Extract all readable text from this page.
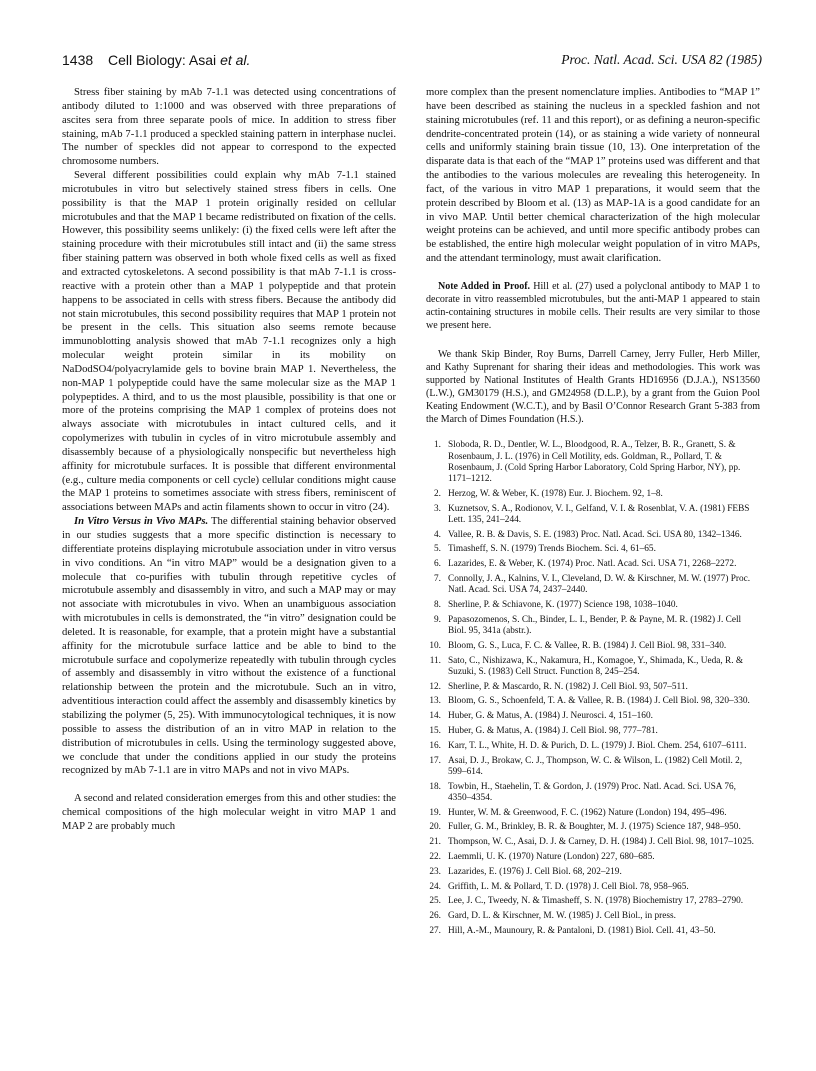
1438 Cell Biology: Asai et al.	Proc. Natl. Acad. Sci. USA 82 (1985)

Stress fiber staining by mAb 7-1.1 was detected using concentrations of antibody diluted to 1:1000 and was observed with three preparations of ascites sera from three separate pools of mice. In addition to stress fiber staining, mAb 7-1.1 produced a speckled staining pattern in interphase nuclei. The number of speckles did not appear to correspond to the expected chromosome numbers.

Several different possibilities could explain why mAb 7-1.1 stained microtubules in vitro but selectively stained stress fibers in cells. One possibility is that the MAP 1 protein originally resided on cellular microtubules and that the MAP 1 became redistributed on fixation of the cells. However, this possibility seems unlikely: (i) the fixed cells were left after the staining procedure with their microtubules still intact and (ii) the same stress fiber staining pattern was observed in both whole fixed cells as well as fixed and extracted cytoskeletons. A second possibility is that mAb 7-1.1 is cross-reactive with a protein other than a MAP 1 polypeptide and that protein happens to be associated in cells with stress fibers. Because the antibody did not stain microtubules, this second possibility requires that MAP 1 protein not be present in the cells. This situation also seems remote because immunoblotting analysis showed that mAb 7-1.1 recognizes only a high molecular weight protein similar in its mobility on NaDodSO4/polyacrylamide gels to bovine brain MAP 1. Nevertheless, the non-MAP 1 polypeptide could have the same molecular size as the MAP 1 polypeptides. A third, and to us the most plausible, possibility is that one or more of the proteins comprising the MAP 1 complex of proteins does not always associate with microtubules in intact cultured cells, and it copolymerizes with tubulin in cycles of in vitro microtubule assembly and disassembly because of a physiologically nonspecific but nevertheless high affinity for microtubule surfaces. It is possible that different environmental (e.g., culture media components or cell cycle) cellular conditions might cause the MAP 1 proteins to sometimes associate with stress fibers, reminiscent of associations between MAPs and actin filaments shown to occur in vitro (24).

In Vitro Versus in Vivo MAPs. The differential staining behavior observed in our studies suggests that a more specific distinction is necessary to differentiate proteins displaying microtubule association under in vitro versus in vivo conditions. An “in vitro MAP” would be a designation given to a molecule that co-purifies with tubulin through repetitive cycles of microtubule assembly and disassembly in vitro, and such a MAP may or may not associate with microtubules in vivo. When an unambiguous association with microtubules in cells is demonstrated, the “in vitro” designation could be deleted. It is reasonable, for example, that a protein might have a substantial affinity for the microtubule surface lattice and be able to bind to the microtubule surface and copolymerize repeatedly with tubulin through cycles of assembly and disassembly in vitro without the existence of a functional relationship between the protein and the microtubule. Such an in vitro, adventitious interaction could affect the assembly and disassembly kinetics by stabilizing the polymer (5, 25). With immunocytological techniques, it is now possible to assess the distribution of an in vitro MAP in relation to the distribution of microtubules in cells. Using the terminology suggested above, we conclude that under the conditions applied in our study the proteins recognized by mAb 7-1.1 are in vitro MAPs and not in vivo MAPs.

A second and related consideration emerges from this and other studies: the chemical compositions of the high molecular weight in vitro MAP 1 and MAP 2 are probably much

more complex than the present nomenclature implies. Antibodies to “MAP 1” have been described as staining the nucleus in a speckled fashion and not staining microtubules (ref. 11 and this report), or as defining a neuron-specific dendrite-concentrated protein (14), or as staining a wide variety of nonneural cells and uniformly staining brain tissue (10, 13). One interpretation of the disparate data is that each of the “MAP 1” proteins used was different and that the antibodies to the various molecules are revealing this heterogeneity. In fact, of the various in vitro MAP 1 preparations, it would seem that the protein described by Bloom et al. (13) as MAP-1A is a good candidate for an in vivo MAP. Until better chemical characterization of the high molecular weight proteins can be achieved, and until more specific antibody probes can be established, the entire high molecular weight population of in vitro MAPs, and the attendant terminology, must await clarification.

Note Added in Proof. Hill et al. (27) used a polyclonal antibody to MAP 1 to decorate in vitro reassembled microtubules, but the anti-MAP 1 appeared to stain actin-containing structures in mobile cells. Their results are very similar to those we present here.

We thank Skip Binder, Roy Burns, Darrell Carney, Jerry Fuller, Herb Miller, and Kathy Suprenant for sharing their ideas and methodologies. This work was supported by National Institutes of Health Grants HD16956 (D.J.A.), NS13560 (L.W.), GM30179 (H.S.), and GM24958 (D.L.P.), by a grant from the Guion Pool Keating Endowment (W.C.T.), and by Basil O’Connor Research Grant 5-383 from the March of Dimes Foundation (H.S.).

1. Sloboda, R. D., Dentler, W. L., Bloodgood, R. A., Telzer, B. R., Granett, S. & Rosenbaum, J. L. (1976) in Cell Motility, eds. Goldman, R., Pollard, T. & Rosenbaum, J. (Cold Spring Harbor Laboratory, Cold Spring Harbor, NY), pp. 1171–1212.
2. Herzog, W. & Weber, K. (1978) Eur. J. Biochem. 92, 1–8.
3. Kuznetsov, S. A., Rodionov, V. I., Gelfand, V. I. & Rosenblat, V. A. (1981) FEBS Lett. 135, 241–244.
4. Vallee, R. B. & Davis, S. E. (1983) Proc. Natl. Acad. Sci. USA 80, 1342–1346.
5. Timasheff, S. N. (1979) Trends Biochem. Sci. 4, 61–65.
6. Lazarides, E. & Weber, K. (1974) Proc. Natl. Acad. Sci. USA 71, 2268–2272.
7. Connolly, J. A., Kalnins, V. I., Cleveland, D. W. & Kirschner, M. W. (1977) Proc. Natl. Acad. Sci. USA 74, 2437–2440.
8. Sherline, P. & Schiavone, K. (1977) Science 198, 1038–1040.
9. Papasozomenos, S. Ch., Binder, L. I., Bender, P. & Payne, M. R. (1982) J. Cell Biol. 95, 341a (abstr.).
10. Bloom, G. S., Luca, F. C. & Vallee, R. B. (1984) J. Cell Biol. 98, 331–340.
11. Sato, C., Nishizawa, K., Nakamura, H., Komagoe, Y., Shimada, K., Ueda, R. & Suzuki, S. (1983) Cell Struct. Function 8, 245–254.
12. Sherline, P. & Mascardo, R. N. (1982) J. Cell Biol. 93, 507–511.
13. Bloom, G. S., Schoenfeld, T. A. & Vallee, R. B. (1984) J. Cell Biol. 98, 320–330.
14. Huber, G. & Matus, A. (1984) J. Neurosci. 4, 151–160.
15. Huber, G. & Matus, A. (1984) J. Cell Biol. 98, 777–781.
16. Karr, T. L., White, H. D. & Purich, D. L. (1979) J. Biol. Chem. 254, 6107–6111.
17. Asai, D. J., Brokaw, C. J., Thompson, W. C. & Wilson, L. (1982) Cell Motil. 2, 599–614.
18. Towbin, H., Staehelin, T. & Gordon, J. (1979) Proc. Natl. Acad. Sci. USA 76, 4350–4354.
19. Hunter, W. M. & Greenwood, F. C. (1962) Nature (London) 194, 495–496.
20. Fuller, G. M., Brinkley, B. R. & Boughter, M. J. (1975) Science 187, 948–950.
21. Thompson, W. C., Asai, D. J. & Carney, D. H. (1984) J. Cell Biol. 98, 1017–1025.
22. Laemmli, U. K. (1970) Nature (London) 227, 680–685.
23. Lazarides, E. (1976) J. Cell Biol. 68, 202–219.
24. Griffith, L. M. & Pollard, T. D. (1978) J. Cell Biol. 78, 958–965.
25. Lee, J. C., Tweedy, N. & Timasheff, S. N. (1978) Biochemistry 17, 2783–2790.
26. Gard, D. L. & Kirschner, M. W. (1985) J. Cell Biol., in press.
27. Hill, A.-M., Maunoury, R. & Pantaloni, D. (1981) Biol. Cell. 41, 43–50.
